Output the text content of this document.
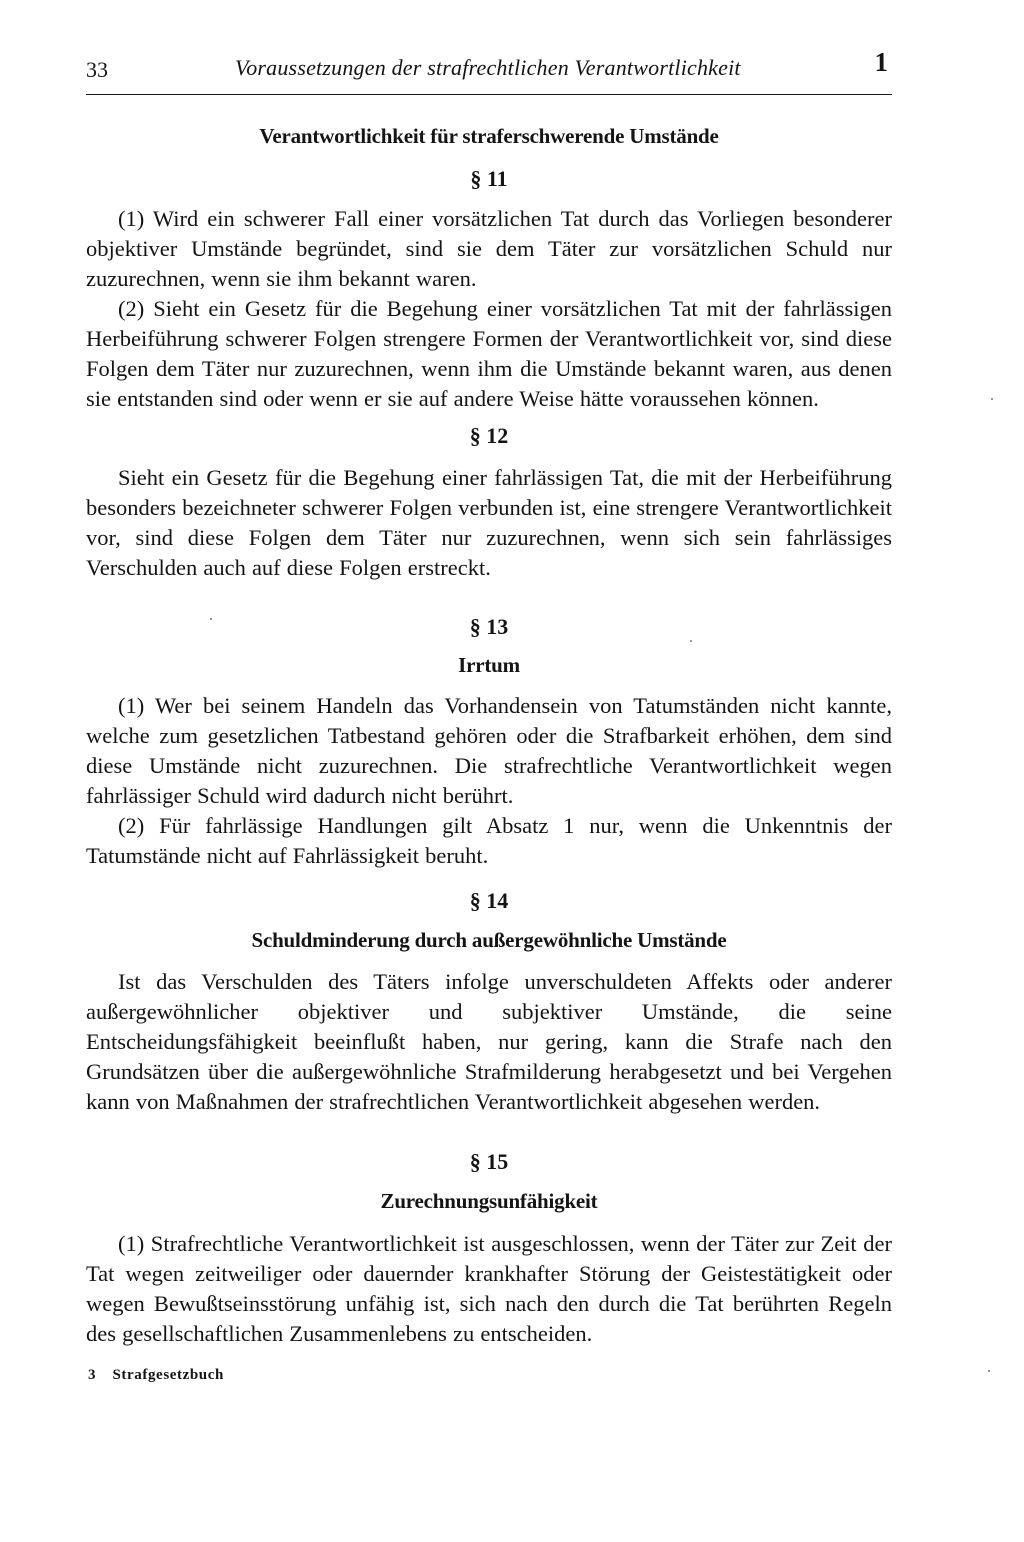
33	Voraussetzungen der strafrechtlichen Verantwortlichkeit	1
Verantwortlichkeit für straferschwerende Umstände
§ 11

(1) Wird ein schwerer Fall einer vorsätzlichen Tat durch das Vorliegen besonderer objektiver Umstände begründet, sind sie dem Täter zur vorsätzlichen Schuld nur zuzurechnen, wenn sie ihm bekannt waren.

(2) Sieht ein Gesetz für die Begehung einer vorsätzlichen Tat mit der fahrlässigen Herbeiführung schwerer Folgen strengere Formen der Verantwortlichkeit vor, sind diese Folgen dem Täter nur zuzurechnen, wenn ihm die Umstände bekannt waren, aus denen sie entstanden sind oder wenn er sie auf andere Weise hätte voraussehen können.

§ 12

Sieht ein Gesetz für die Begehung einer fahrlässigen Tat, die mit der Herbeiführung besonders bezeichneter schwerer Folgen verbunden ist, eine strengere Verantwortlichkeit vor, sind diese Folgen dem Täter nur zuzurechnen, wenn sich sein fahrlässiges Verschulden auch auf diese Folgen erstreckt.

§ 13
Irrtum

(1) Wer bei seinem Handeln das Vorhandensein von Tatumständen nicht kannte, welche zum gesetzlichen Tatbestand gehören oder die Strafbarkeit erhöhen, dem sind diese Umstände nicht zuzurechnen. Die strafrechtliche Verantwortlichkeit wegen fahrlässiger Schuld wird dadurch nicht berührt.

(2) Für fahrlässige Handlungen gilt Absatz 1 nur, wenn die Unkenntnis der Tatumstände nicht auf Fahrlässigkeit beruht.

§ 14
Schuldminderung durch außergewöhnliche Umstände

Ist das Verschulden des Täters infolge unverschuldeten Affekts oder anderer außergewöhnlicher objektiver und subjektiver Umstände, die seine Entscheidungsfähigkeit beeinflußt haben, nur gering, kann die Strafe nach den Grundsätzen über die außergewöhnliche Strafmilderung herabgesetzt und bei Vergehen kann von Maßnahmen der strafrechtlichen Verantwortlichkeit abgesehen werden.

§ 15
Zurechnungsunfähigkeit

(1) Strafrechtliche Verantwortlichkeit ist ausgeschlossen, wenn der Täter zur Zeit der Tat wegen zeitweiliger oder dauernder krankhafter Störung der Geistestätigkeit oder wegen Bewußtseinsstörung unfähig ist, sich nach den durch die Tat berührten Regeln des gesellschaftlichen Zusammenlebens zu entscheiden.

3 Strafgesetzbuch
